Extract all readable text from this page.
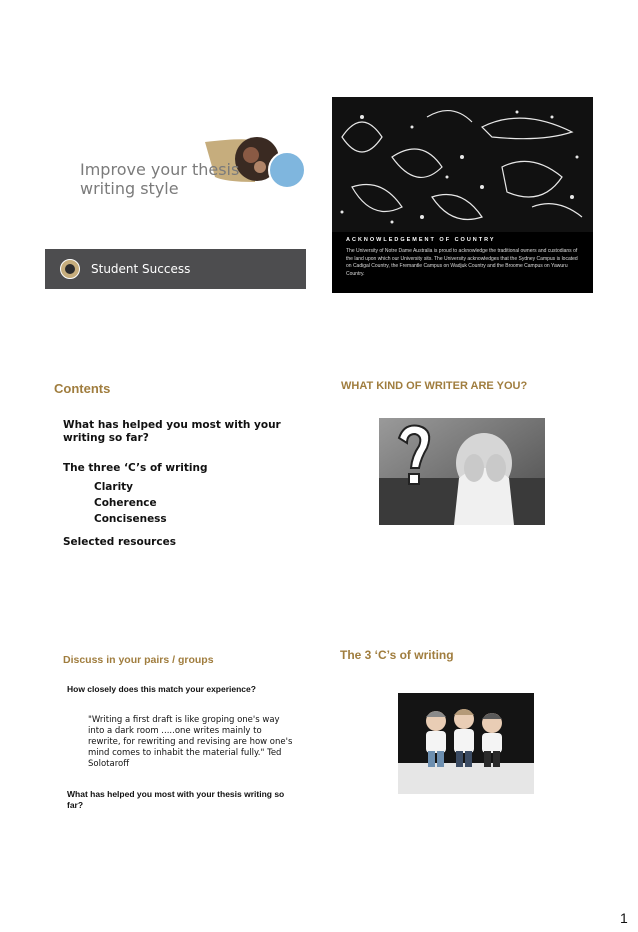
Improve your thesis writing style
Student Success
ACKNOWLEDGEMENT OF COUNTRY
The University of Notre Dame Australia is proud to acknowledge the traditional owners and custodians of the land upon which our University sits. The University acknowledges that the Sydney Campus is located on Cadigal Country, the Fremantle Campus on Wadjuk Country and the Broome Campus on Yawuru Country.
Contents
What has helped you most with your writing so far?
The three ‘C’s of writing
Clarity
Coherence
Conciseness
Selected resources
WHAT KIND OF WRITER ARE YOU?
Discuss in your pairs / groups
How closely does this match your experience?
"Writing a first draft is like groping one's way into a dark room .....one writes mainly to rewrite, for rewriting and revising are how one's mind comes to inhabit the material fully." Ted Solotaroff
What has helped you most with your thesis writing so far?
The 3 ‘C’s of writing
1
